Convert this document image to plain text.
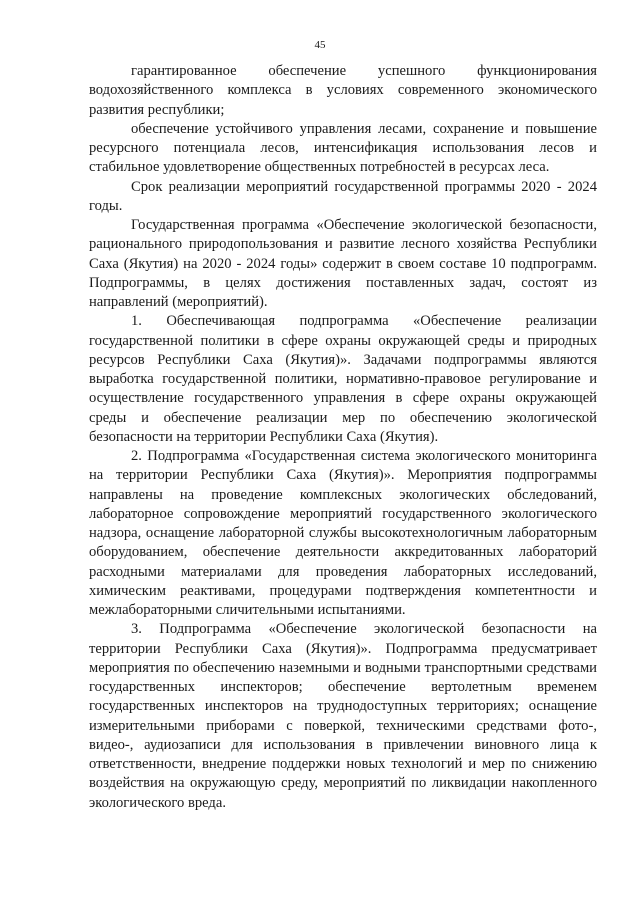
45

гарантированное обеспечение успешного функционирования водохозяйственного комплекса в условиях современного экономического развития республики;

обеспечение устойчивого управления лесами, сохранение и повышение ресурсного потенциала лесов, интенсификация использования лесов и стабильное удовлетворение общественных потребностей в ресурсах леса.

Срок реализации мероприятий государственной программы 2020 - 2024 годы.

Государственная программа «Обеспечение экологической безопасности, рационального природопользования и развитие лесного хозяйства Республики Саха (Якутия) на 2020 - 2024 годы» содержит в своем составе 10 подпрограмм. Подпрограммы, в целях достижения поставленных задач, состоят из направлений (мероприятий).

1. Обеспечивающая подпрограмма «Обеспечение реализации государственной политики в сфере охраны окружающей среды и природных ресурсов Республики Саха (Якутия)». Задачами подпрограммы являются выработка государственной политики, нормативно-правовое регулирование и осуществление государственного управления в сфере охраны окружающей среды и обеспечение реализации мер по обеспечению экологической безопасности на территории Республики Саха (Якутия).

2. Подпрограмма «Государственная система экологического мониторинга на территории Республики Саха (Якутия)». Мероприятия подпрограммы направлены на проведение комплексных экологических обследований, лабораторное сопровождение мероприятий государственного экологического надзора, оснащение лабораторной службы высокотехнологичным лабораторным оборудованием, обеспечение деятельности аккредитованных лабораторий расходными материалами для проведения лабораторных исследований, химическим реактивами, процедурами подтверждения компетентности и межлабораторными сличительными испытаниями.

3. Подпрограмма «Обеспечение экологической безопасности на территории Республики Саха (Якутия)». Подпрограмма предусматривает мероприятия по обеспечению наземными и водными транспортными средствами государственных инспекторов; обеспечение вертолетным временем государственных инспекторов на труднодоступных территориях; оснащение измерительными приборами с поверкой, техническими средствами фото-, видео-, аудиозаписи для использования в привлечении виновного лица к ответственности, внедрение поддержки новых технологий и мер по снижению воздействия на окружающую среду, мероприятий по ликвидации накопленного экологического вреда.
